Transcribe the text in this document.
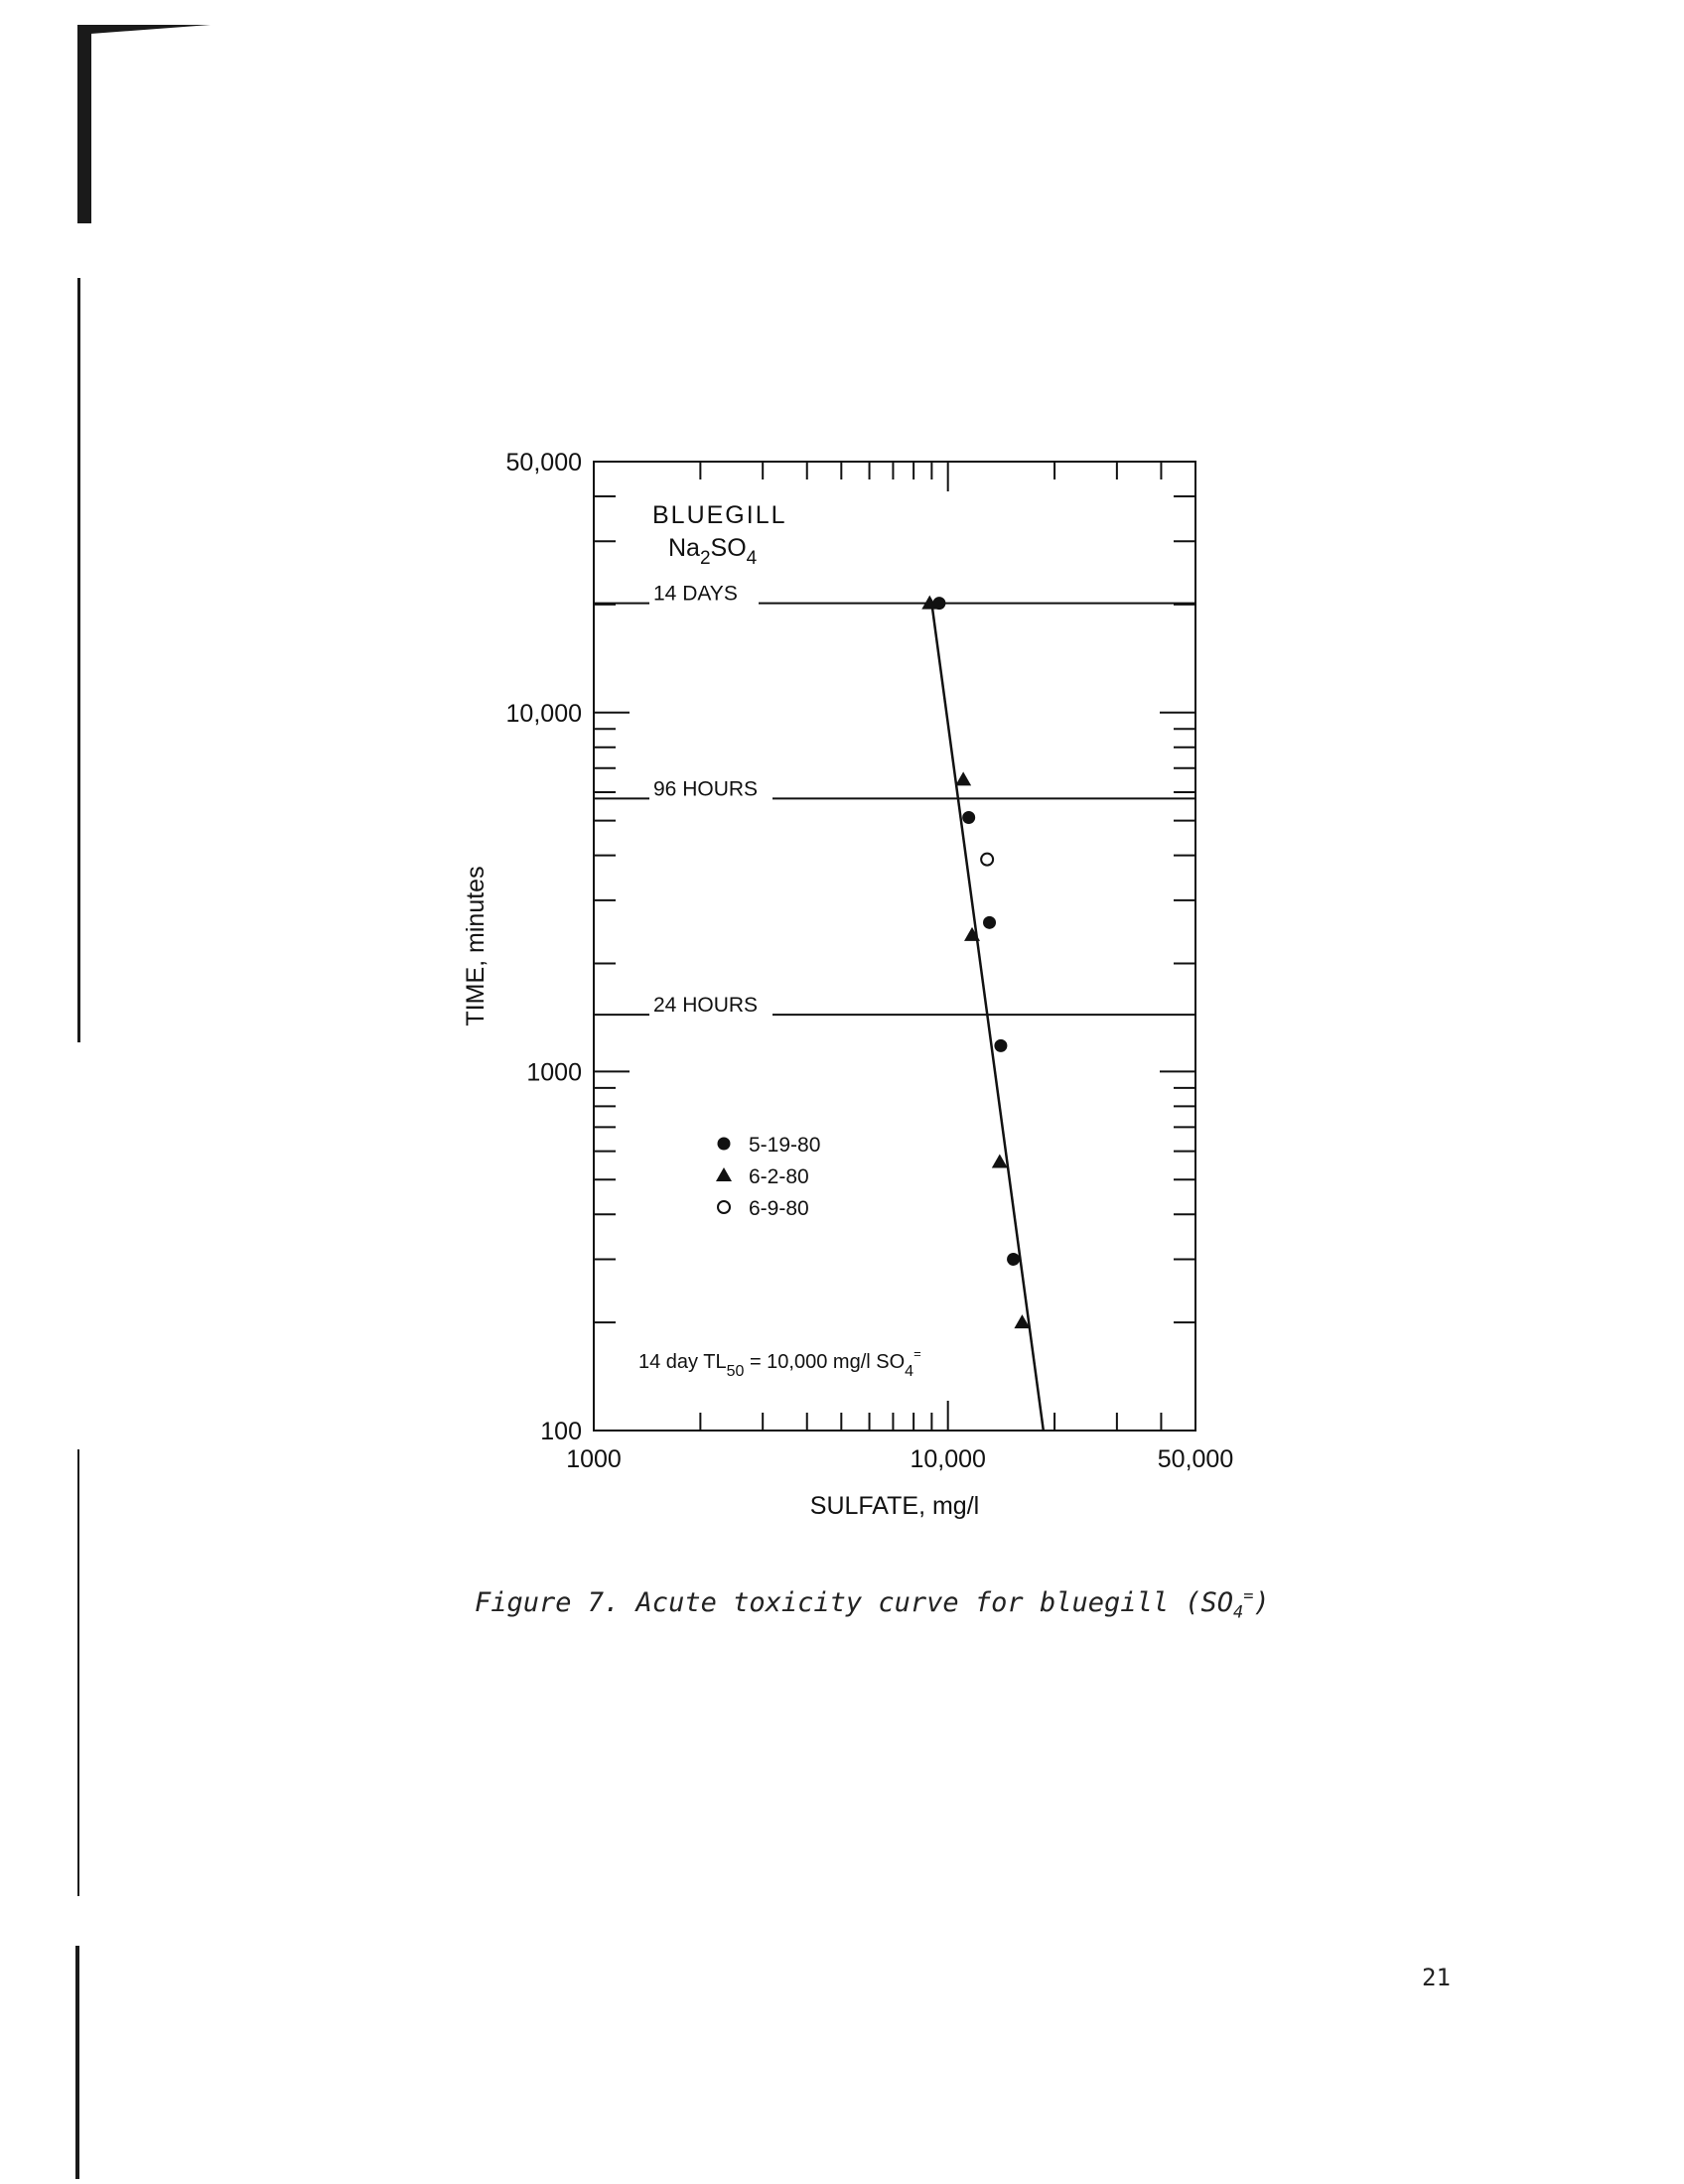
14 DAYS
96 HOURS
24 HOURS
1000	10,000	50,000
100
1000
10,000
50,000
BLUEGILL
$Na_2SO_4$
5-19-80
6-2-80
6-9-80
14 day $TL_{50} = 10,000$ mg/l $SO_4^=$
SULFATE, mg/l
TIME, minutes
Figure 7. Acute toxicity curve for bluegill $(SO_4^=)$
21
